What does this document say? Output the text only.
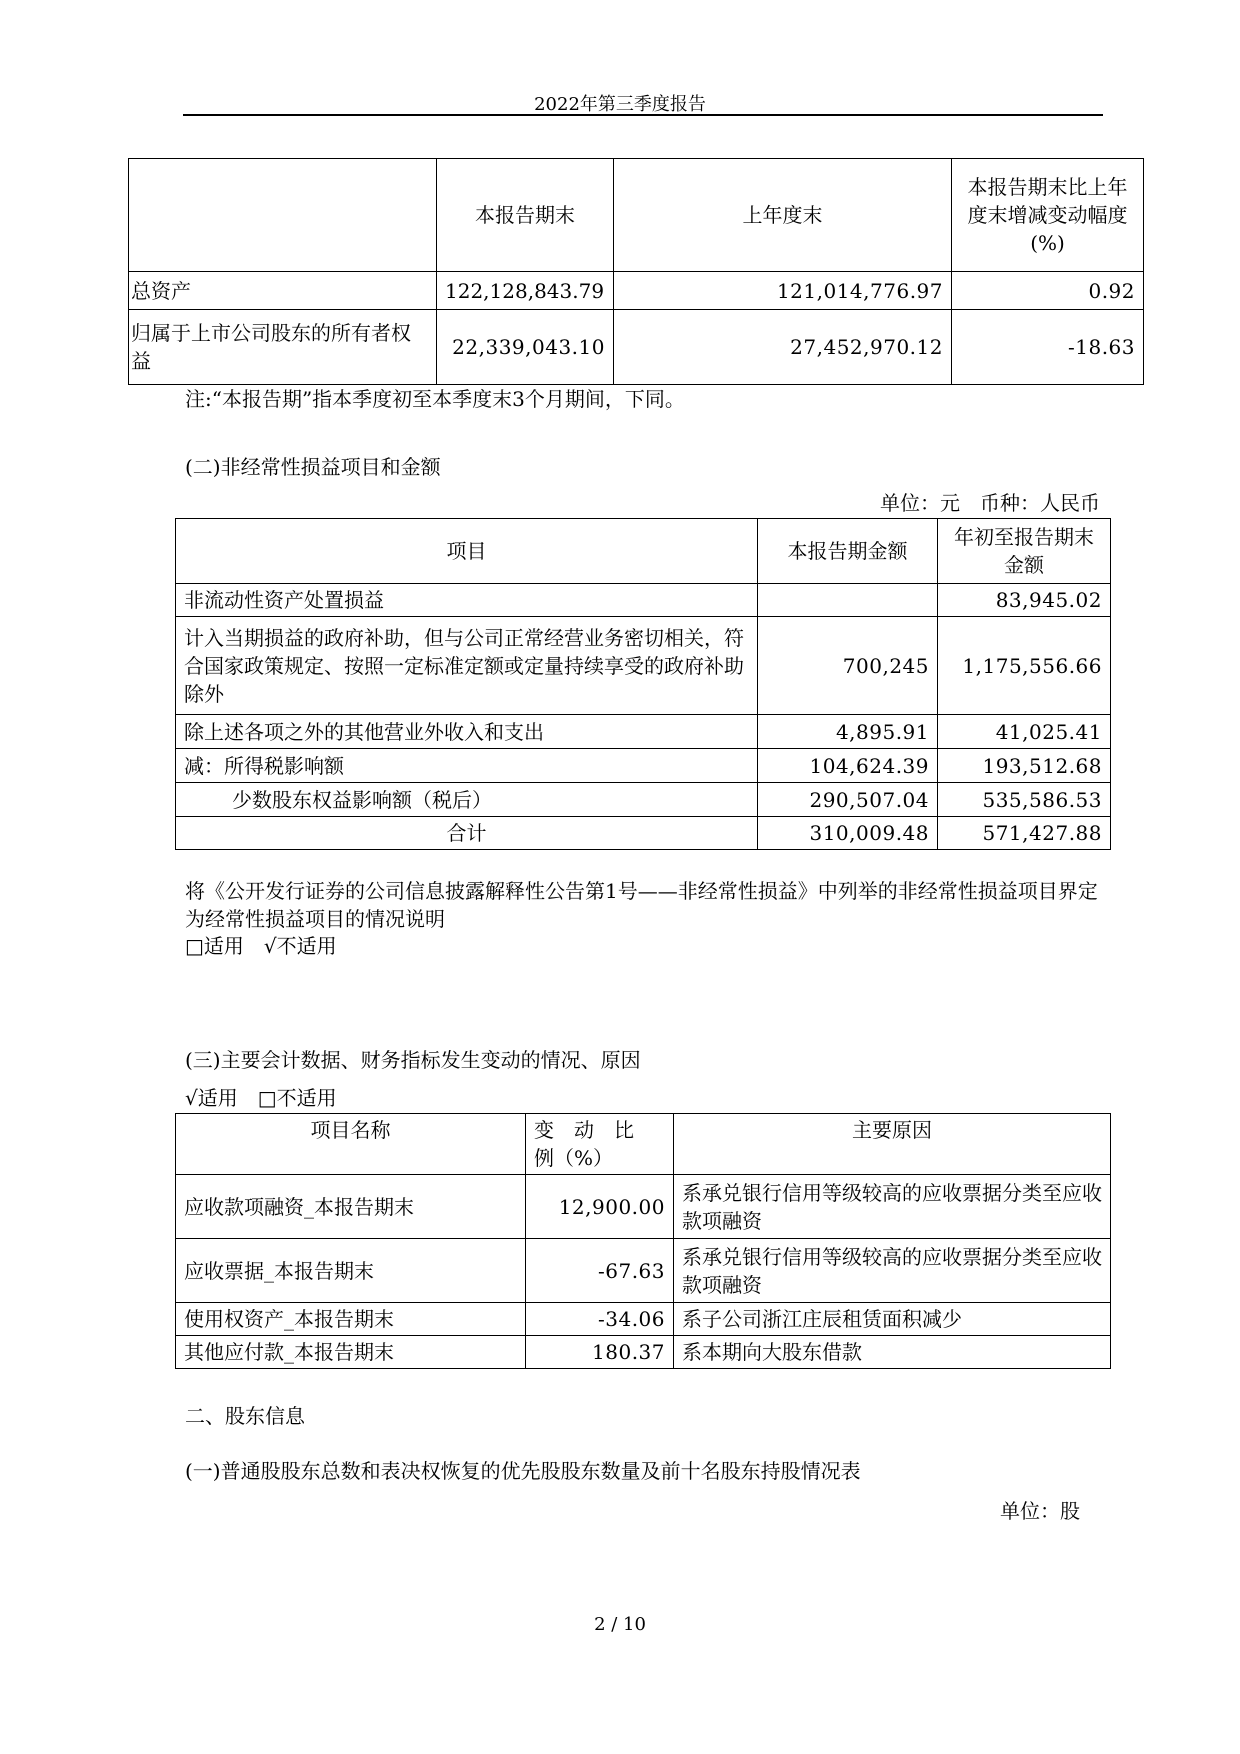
2022年第三季度报告
	本报告期末	上年度末	本报告期末比上年度末增减变动幅度(%)
总资产	122,128,843.79	121,014,776.97	0.92
归属于上市公司股东的所有者权益	22,339,043.10	27,452,970.12	-18.63
注:“本报告期”指本季度初至本季度末3个月期间，下同。
(二)非经常性损益项目和金额
单位：元　币种：人民币
项目	本报告期金额	年初至报告期末金额
非流动性资产处置损益		83,945.02
计入当期损益的政府补助，但与公司正常经营业务密切相关，符合国家政策规定、按照一定标准定额或定量持续享受的政府补助除外	700,245	1,175,556.66
除上述各项之外的其他营业外收入和支出	4,895.91	41,025.41
减：所得税影响额	104,624.39	193,512.68
少数股东权益影响额（税后）	290,507.04	535,586.53
合计	310,009.48	571,427.88
将《公开发行证券的公司信息披露解释性公告第1号——非经常性损益》中列举的非经常性损益项目界定为经常性损益项目的情况说明
□适用　√不适用
(三)主要会计数据、财务指标发生变动的情况、原因
√适用　□不适用
项目名称	变　动　比　例（%）	主要原因
应收款项融资_本报告期末	12,900.00	系承兑银行信用等级较高的应收票据分类至应收款项融资
应收票据_本报告期末	-67.63	系承兑银行信用等级较高的应收票据分类至应收款项融资
使用权资产_本报告期末	-34.06	系子公司浙江庄辰租赁面积减少
其他应付款_本报告期末	180.37	系本期向大股东借款
二、股东信息
(一)普通股股东总数和表决权恢复的优先股股东数量及前十名股东持股情况表
单位：股
2 / 10
